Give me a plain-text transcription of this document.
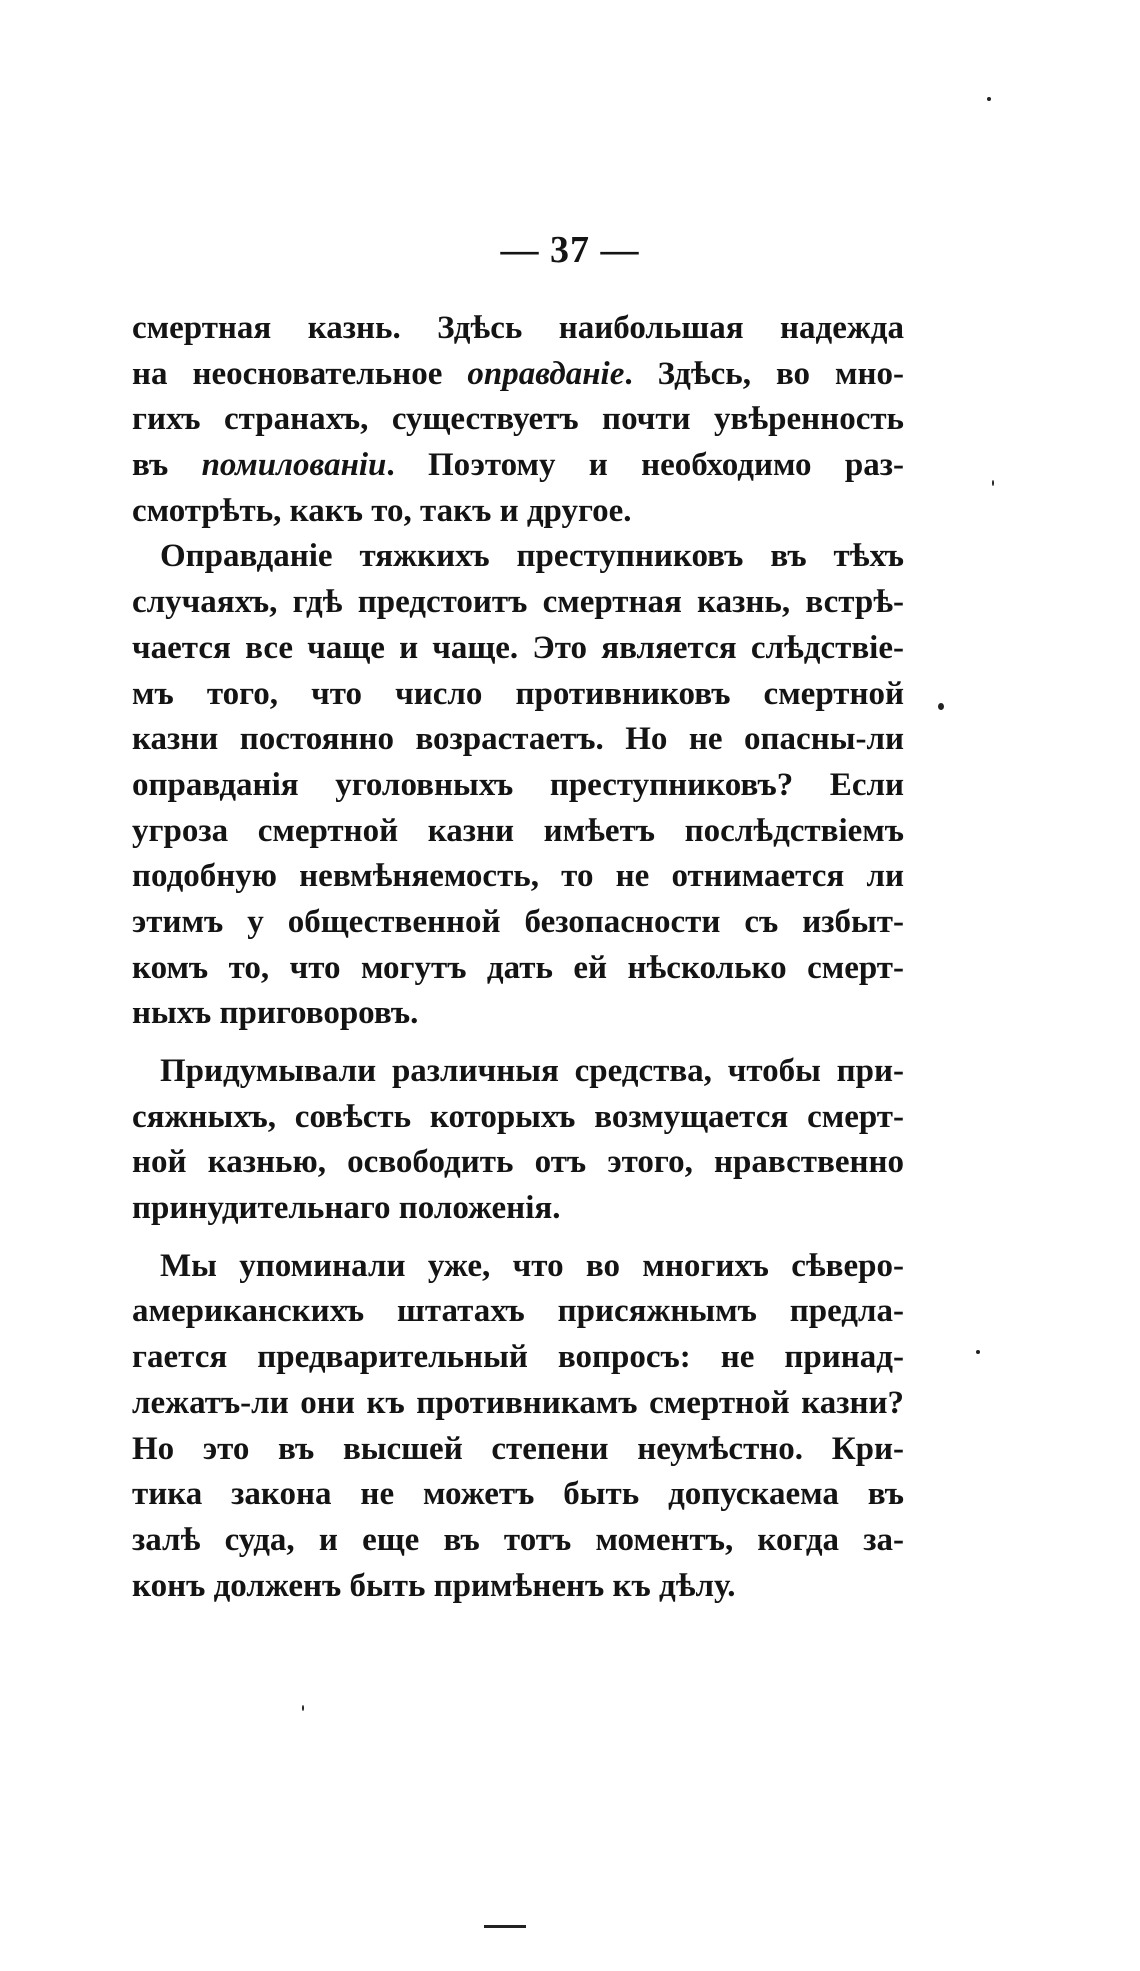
— 37 —
смертная казнь. Здѣсь наибольшая надежда
на неосновательное оправданіе. Здѣсь, во мно-
гихъ странахъ, существуетъ почти увѣренность
въ помилованіи. Поэтому и необходимо раз-
смотрѣть, какъ то, такъ и другое.
Оправданіе тяжкихъ преступниковъ въ тѣхъ
случаяхъ, гдѣ предстоитъ смертная казнь, встрѣ-
чается все чаще и чаще. Это является слѣдствіе-
мъ того, что число противниковъ смертной
казни постоянно возрастаетъ. Но не опасны-ли
оправданія уголовныхъ преступниковъ? Если
угроза смертной казни имѣетъ послѣдствіемъ
подобную невмѣняемость, то не отнимается ли
этимъ у общественной безопасности съ избыт-
комъ то, что могутъ дать ей нѣсколько смерт-
ныхъ приговоровъ.
Придумывали различныя средства, чтобы при-
сяжныхъ, совѣсть которыхъ возмущается смерт-
ной казнью, освободить отъ этого, нравственно
принудительнаго положенія.
Мы упоминали уже, что во многихъ сѣверо-
американскихъ штатахъ присяжнымъ предла-
гается предварительный вопросъ: не принад-
лежатъ-ли они къ противникамъ смертной казни?
Но это въ высшей степени неумѣстно. Кри-
тика закона не можетъ быть допускаема въ
залѣ суда, и еще въ тотъ моментъ, когда за-
конъ долженъ быть примѣненъ къ дѣлу.
